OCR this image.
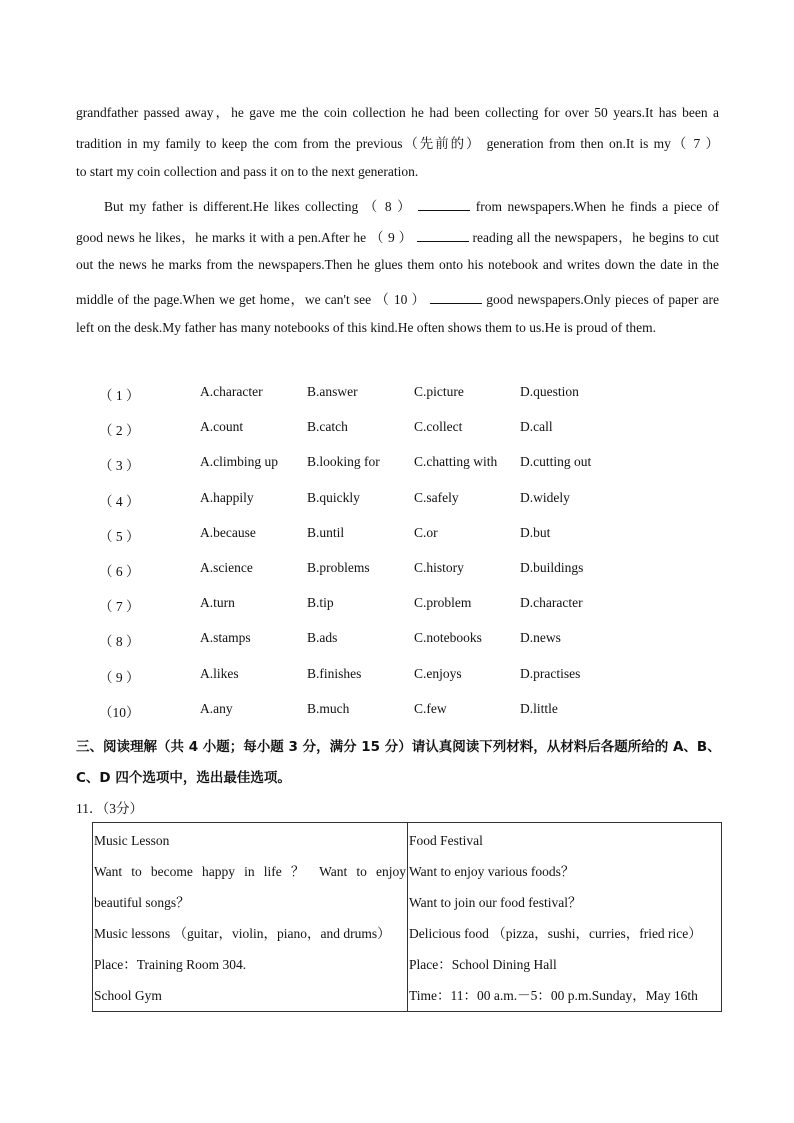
grandfather passed away，he gave me the coin collection he had been collecting for over 50 years.It has been a
tradition in my family to keep the com from the previous（先前的） generation from then on.It is my（ 7 ）
to start my coin collection and pass it on to the next generation.
But my father is different.He likes collecting （ 8 ）	from newspapers.When he finds a piece of
good news he likes，he marks it with a pen.After he （ 9 ）	reading all the newspapers，he begins to cut
out the news he marks from the newspapers.Then he glues them onto his notebook and writes down the date in the
middle of the page.When we get home，we can't see （ 10 ）	good newspapers.Only pieces of paper are
left on the desk.My father has many notebooks of this kind.He often shows them to us.He is proud of them.
（ 1 ）	A.character	B.answer	C.picture	D.question
（ 2 ）	A.count	B.catch	C.collect	D.call
（ 3 ）	A.climbing up B.looking for	C.chatting with D.cutting out
（ 4 ）	A.happily	B.quickly	C.safely	D.widely
（ 5 ）	A.because	B.until	C.or	D.but
（ 6 ）	A.science	B.problems	C.history	D.buildings
（ 7 ）	A.turn	B.tip	C.problem	D.character
（ 8 ）	A.stamps	B.ads	C.notebooks	D.news
（ 9 ）	A.likes	B.finishes	C.enjoys	D.practises
（10）	A.any	B.much	C.few	D.little
三、阅读理解（共 4 小题；每小题 3 分，满分 15 分）请认真阅读下列材料，从材料后各题所给的 A、B、
C、D 四个选项中，选出最佳选项。
11．（3分）
Music Lesson
Want to become happy in life ？ Want to enjoy
beautiful songs？
Music lessons （guitar，violin，piano，and drums）
Place：Training Room 304.
School Gym

Food Festival
Want to enjoy various foods？
Want to join our food festival？
Delicious food （pizza，sushi，curries，fried rice）
Place：School Dining Hall
Time：11：00 a.m.－5：00 p.m.Sunday，May 16th
